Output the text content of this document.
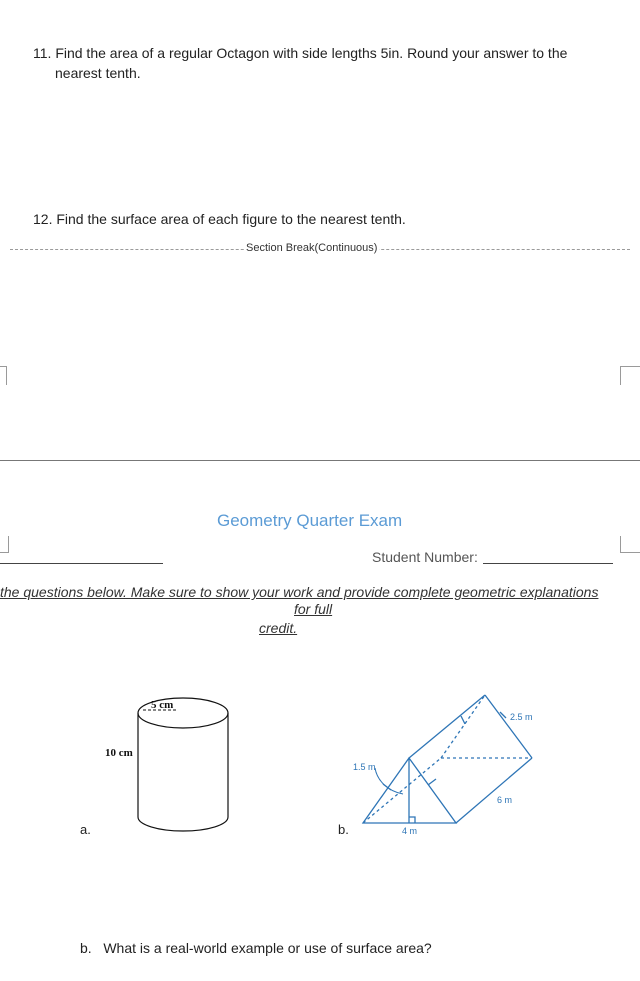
11. Find the area of a regular Octagon with side lengths 5in. Round your answer to the
nearest tenth.
12. Find the surface area of each figure to the nearest tenth.
Section Break(Continuous)
Geometry Quarter Exam
Student Number:
the questions below. Make sure to show your work and provide complete geometric explanations
for full
credit.
5 cm
10 cm
a.
2.5 m
1.5 m
6 m
4 m
b.
b.   What is a real-world example or use of surface area?
